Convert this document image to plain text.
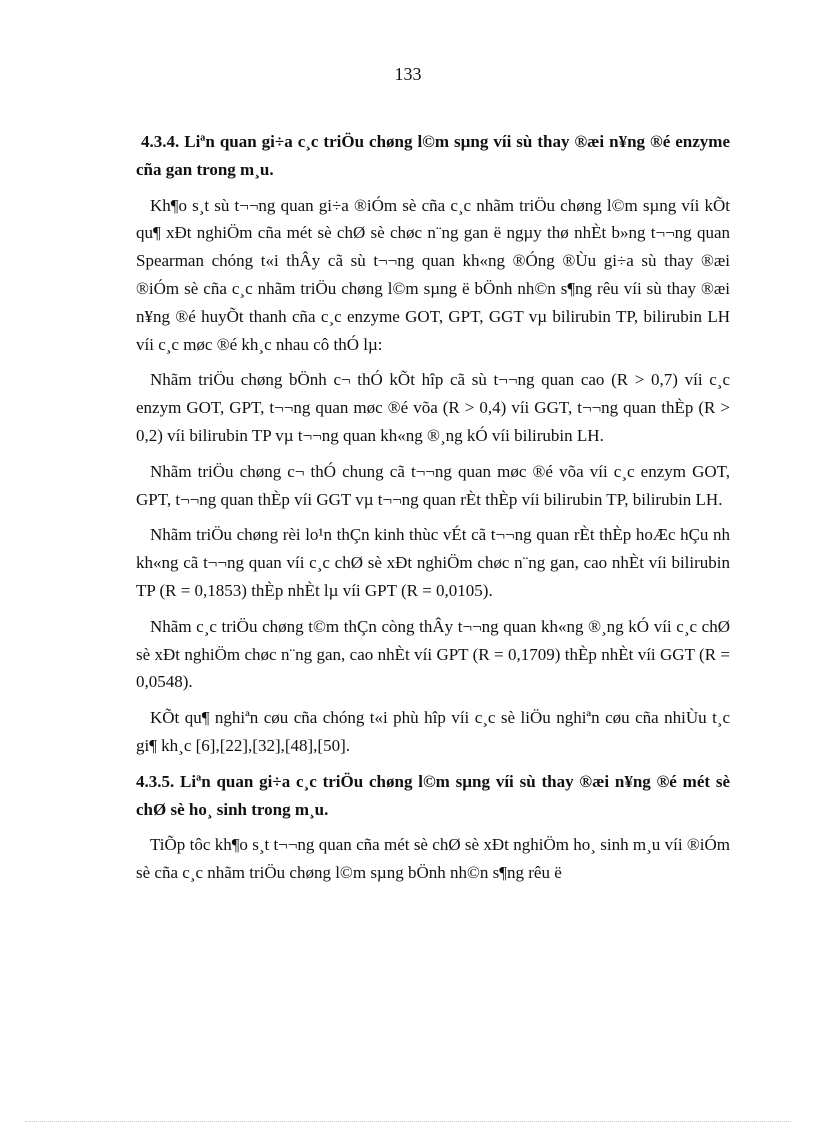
133
4.3.4. Liªn quan gi÷a c¸c triÖu chøng l©m sµng víi sù thay ®æi n¥ng ®é enzyme cña gan trong m¸u.

Kh¶o s¸t sù t¬¬ng quan gi÷a ®iÓm sè cña c¸c nhãm triÖu chøng l©m sµng víi kÕt qu¶ xÐt nghiÖm cña mét sè chØ sè chøc n¨ng gan ë ngµy thø nhÈt b»ng t¬¬ng quan Spearman chóng t«i thÂy cã sù t¬¬ng quan kh«ng ®Óng ®Ùu gi÷a sù thay ®æi ®iÓm sè cña c¸c nhãm triÖu chøng l©m sµng ë bÖnh nh©n s¶ng rêu víi sù thay ®æi n¥ng ®é huyÕt thanh cña c¸c enzyme GOT, GPT, GGT vµ bilirubin TP, bilirubin LH víi c¸c møc ®é kh¸c nhau cô thÓ lµ:

Nhãm triÖu chøng bÖnh c¬ thÓ kÕt hîp cã sù t¬¬ng quan cao (R > 0,7) víi c¸c enzym GOT, GPT, t¬¬ng quan møc ®é võa (R > 0,4) víi GGT, t¬¬ng quan thÈp (R > 0,2) víi bilirubin TP vµ t¬¬ng quan kh«ng ®¸ng kÓ víi bilirubin LH.

Nhãm triÖu chøng c¬ thÓ chung cã t¬¬ng quan møc ®é võa víi c¸c enzym GOT, GPT, t¬¬ng quan thÈp víi GGT vµ t¬¬ng quan rÈt thÈp víi bilirubin TP, bilirubin LH.

Nhãm triÖu chøng rèi lo¹n thÇn kinh thùc vÉt cã t¬¬ng quan rÈt thÈp hoÆc hÇu nh kh«ng cã t¬¬ng quan víi c¸c chØ sè xÐt nghiÖm chøc n¨ng gan, cao nhÈt víi bilirubin TP (R = 0,1853) thÈp nhÈt lµ víi GPT (R = 0,0105).

Nhãm c¸c triÖu chøng t©m thÇn còng thÂy t¬¬ng quan kh«ng ®¸ng kÓ víi c¸c chØ sè xÐt nghiÖm chøc n¨ng gan, cao nhÈt víi GPT (R = 0,1709) thÈp nhÈt víi GGT (R = 0,0548).

KÕt qu¶ nghiªn cøu cña chóng t«i phù hîp víi c¸c sè liÖu nghiªn cøu cña nhiÙu t¸c gi¶ kh¸c [6],[22],[32],[48],[50].

4.3.5. Liªn quan gi÷a c¸c triÖu chøng l©m sµng víi sù thay ®æi n¥ng ®é mét sè chØ sè ho¸ sinh trong m¸u.

TiÕp tôc kh¶o s¸t t¬¬ng quan cña mét sè chØ sè xÐt nghiÖm ho¸ sinh m¸u víi ®iÓm sè cña c¸c nhãm triÖu chøng l©m sµng bÖnh nh©n s¶ng rêu ë
